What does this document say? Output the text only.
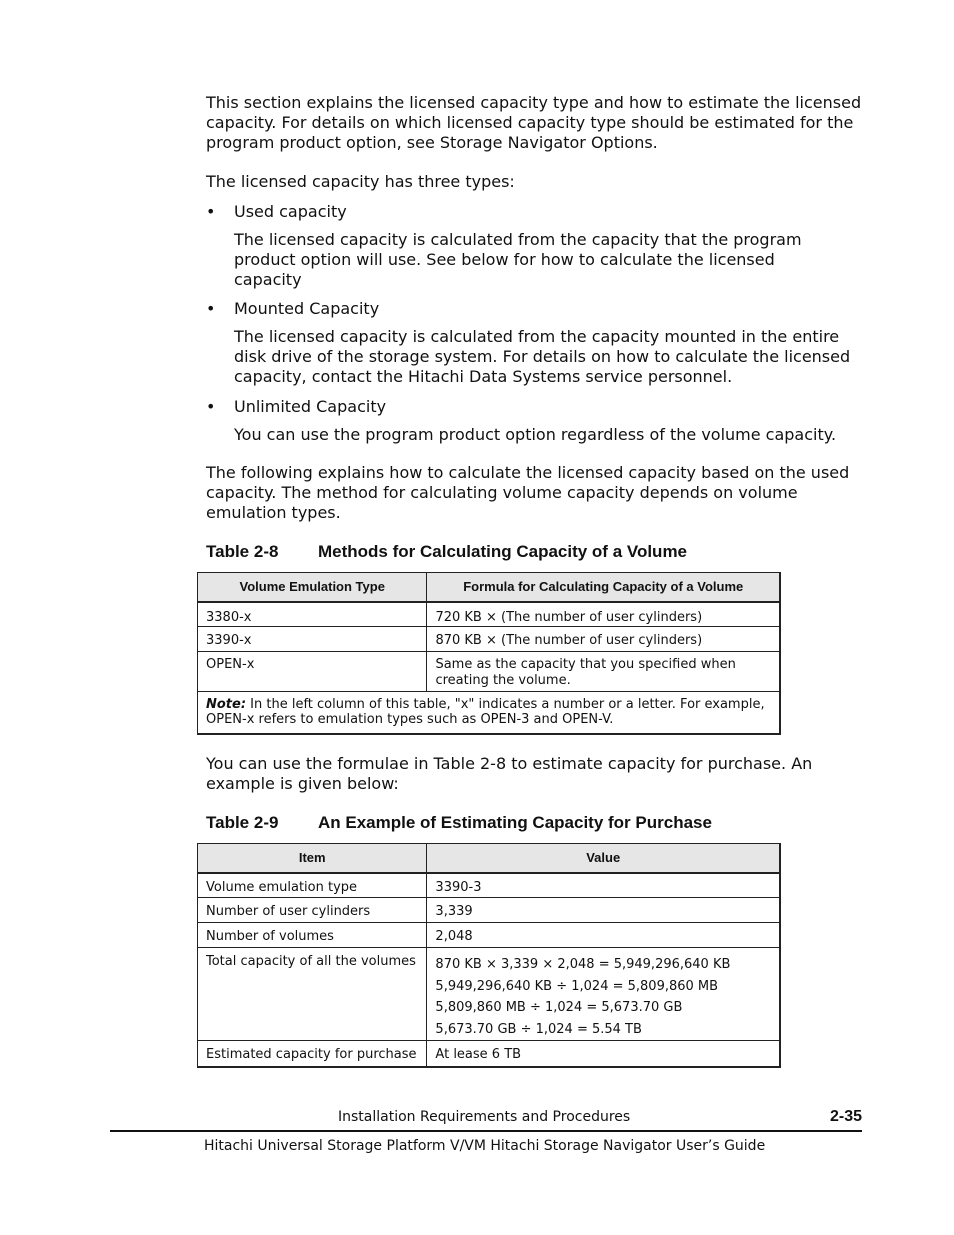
This section explains the licensed capacity type and how to estimate the licensed capacity. For details on which licensed capacity type should be estimated for the program product option, see Storage Navigator Options.

The licensed capacity has three types:

• Used capacity
The licensed capacity is calculated from the capacity that the program product option will use. See below for how to calculate the licensed capacity
• Mounted Capacity
The licensed capacity is calculated from the capacity mounted in the entire disk drive of the storage system. For details on how to calculate the licensed capacity, contact the Hitachi Data Systems service personnel.
• Unlimited Capacity
You can use the program product option regardless of the volume capacity.

The following explains how to calculate the licensed capacity based on the used capacity. The method for calculating volume capacity depends on volume emulation types.

Table 2-8 Methods for Calculating Capacity of a Volume
Volume Emulation Type	Formula for Calculating Capacity of a Volume
3380-x	720 KB × (The number of user cylinders)
3390-x	870 KB × (The number of user cylinders)
OPEN-x	Same as the capacity that you specified when creating the volume.
Note: In the left column of this table, "x" indicates a number or a letter. For example, OPEN-x refers to emulation types such as OPEN-3 and OPEN-V.	

You can use the formulae in Table 2-8 to estimate capacity for purchase. An example is given below:

Table 2-9 An Example of Estimating Capacity for Purchase
Item	Value
Volume emulation type	3390-3
Number of user cylinders	3,339
Number of volumes	2,048
Total capacity of all the volumes	870 KB × 3,339 × 2,048 = 5,949,296,640 KB
5,949,296,640 KB ÷ 1,024 = 5,809,860 MB
5,809,860 MB ÷ 1,024 = 5,673.70 GB
5,673.70 GB ÷ 1,024 = 5.54 TB

Estimated capacity for purchase	At lease 6 TB
Installation Requirements and Procedures	2-35
Hitachi Universal Storage Platform V/VM Hitachi Storage Navigator User’s Guide
